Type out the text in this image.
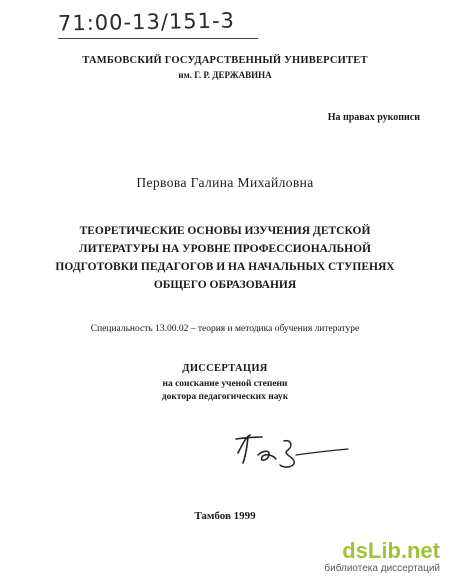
71:00-13/151-3
ТАМБОВСКИЙ ГОСУДАРСТВЕННЫЙ УНИВЕРСИТЕТ
им. Г. Р. ДЕРЖАВИНА
На правах рукописи
Первова Галина Михайловна
ТЕОРЕТИЧЕСКИЕ ОСНОВЫ ИЗУЧЕНИЯ ДЕТСКОЙ
ЛИТЕРАТУРЫ НА УРОВНЕ ПРОФЕССИОНАЛЬНОЙ
ПОДГОТОВКИ ПЕДАГОГОВ И НА НАЧАЛЬНЫХ СТУПЕНЯХ
ОБЩЕГО ОБРАЗОВАНИЯ
Специальность 13.00.02 – теория и методика обучения литературе
ДИССЕРТАЦИЯ
на соискание ученой степени
доктора педагогических наук
Тамбов 1999
dsLib.net
библиотека диссертаций
